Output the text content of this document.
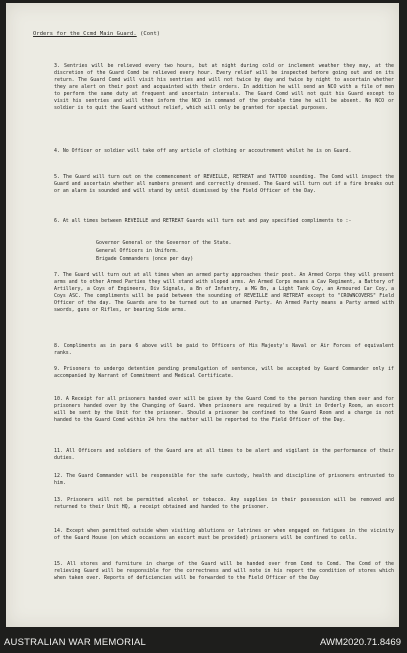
Orders for the Ccmd Main Guard. (Cont)

3. Sentries will be relieved every two hours, but at night during cold or inclement weather they may, at the discretion of the Guard Comd be relieved every hour. Every relief will be inspected before going out and on its return. The Guard Comd will visit his sentries and will not twice by day and twice by night to ascertain whether they are alert on their post and acquainted with their orders. In addition he will send an NCO with a file of men to perform the same duty at frequent and uncertain intervals. The Guard Comd will not quit his Guard except to visit his sentries and will then inform the NCO in command of the probable time he will be absent. No NCO or soldier is to quit the Guard without relief, which will only be granted for special purposes.

4. No Officer or soldier will take off any article of clothing or accoutrement whilst he is on Guard.

5. The Guard will turn out on the commencement of REVEILLE, RETREAT and TATTOO sounding. The Comd will inspect the Guard and ascertain whether all numbers present and correctly dressed. The Guard will turn out if a fire breaks out or an alarm is sounded and will stand by until dismissed by the Field Officer of the Day.

6. At all times between REVEILLE and RETREAT Guards will turn out and pay specified compliments to :-

Governor General or the Governor of the State.

General Officers in Uniform.

Brigade Commanders (once per day)

7. The Guard will turn out at all times when an armed party approaches their post. An Armed Corps they will present arms and to other Armed Parties they will stand with sloped arms. An Armed Corps means a Cav Regiment, a Battery of Artillery, a Coys of Engineers, Div Signals, a Bn of Infantry, a MG Bn, a Light Tank Coy, an Armoured Car Coy, a Coys ASC. The compliments will be paid between the sounding of REVEILLE and RETREAT except to "CROWNCOVERS" Field Officer of the day. The Guards are to be turned out to an unarmed Party. An Armed Party means a Party armed with swords, guns or Rifles, or bearing Side arms.

8. Compliments as in para 6 above will be paid to Officers of His Majesty's Naval or Air Forces of equivalent ranks.

9. Prisoners to undergo detention pending promulgation of sentence, will be accepted by Guard Commander only if accompanied by Warrant of Commitment and Medical Certificate.

10. A Receipt for all prisoners handed over will be given by the Guard Comd to the person handing them over and for prisoners handed over by the Changing of Guard. When prisoners are required by a Unit in Orderly Room, an escort will be sent by the Unit for the prisoner. Should a prisoner be confined to the Guard Room and a charge is not handed to the Guard Comd within 24 hrs the matter will be reported to the Field Officer of the Day.

11. All Officers and soldiers of the Guard are at all times to be alert and vigilant in the performance of their duties.

12. The Guard Commander will be responsible for the safe custody, health and discipline of prisoners entrusted to him.

13. Prisoners will not be permitted alcohol or tobacco. Any supplies in their possession will be removed and returned to their Unit HQ, a receipt obtained and handed to the prisoner.

14. Except when permitted outside when visiting ablutions or latrines or when engaged on fatigues in the vicinity of the Guard House (on which occasions an escort must be provided) prisoners will be confined to cells.

15. All stores and furniture in charge of the Guard will be handed over from Comd to Comd. The Comd of the relieving Guard will be responsible for the correctness and will note in his report the condition of stores which when taken over. Reports of deficiencies will be forwarded to the Field Officer of the Day

AUSTRALIAN WAR MEMORIAL	AWM2020.71.8469
